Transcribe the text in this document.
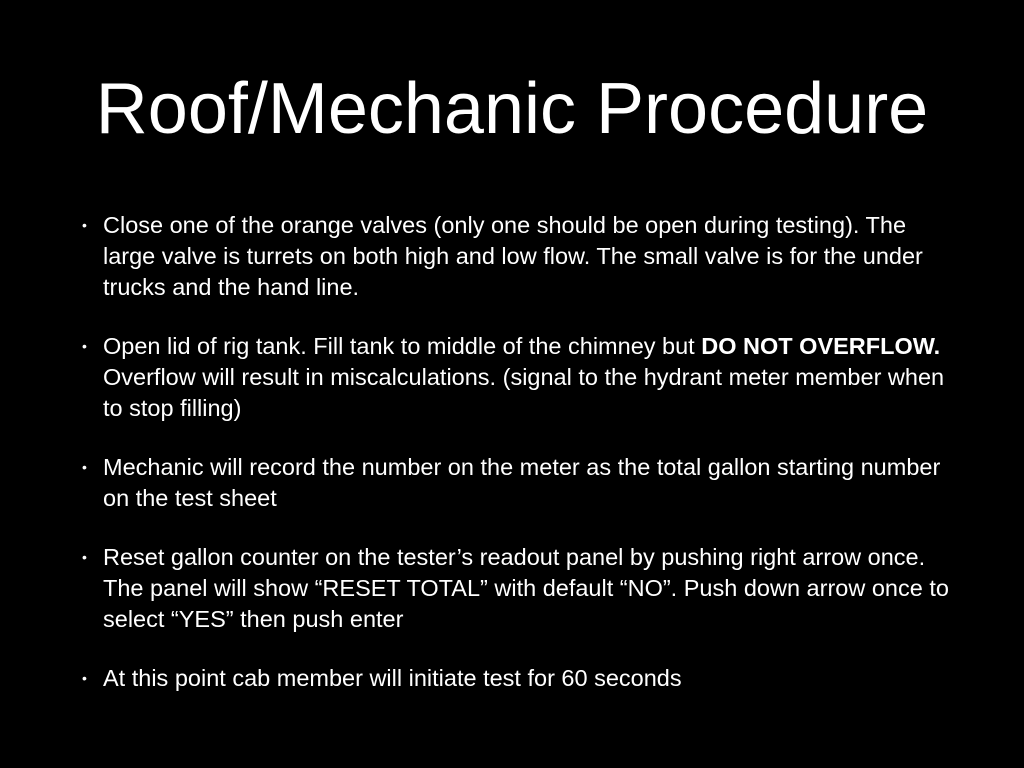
Roof/Mechanic Procedure
• Close one of the orange valves (only one should be open during testing). The large valve is turrets on both high and low flow. The small valve is for the under trucks and the hand line.
• Open lid of rig tank. Fill tank to middle of the chimney but DO NOT OVERFLOW. Overflow will result in miscalculations. (signal to the hydrant meter member when to stop filling)
• Mechanic will record the number on the meter as the total gallon starting number on the test sheet
• Reset gallon counter on the tester’s readout panel by pushing right arrow once. The panel will show “RESET TOTAL” with default “NO”. Push down arrow once to select “YES” then push enter
• At this point cab member will initiate test for 60 seconds
